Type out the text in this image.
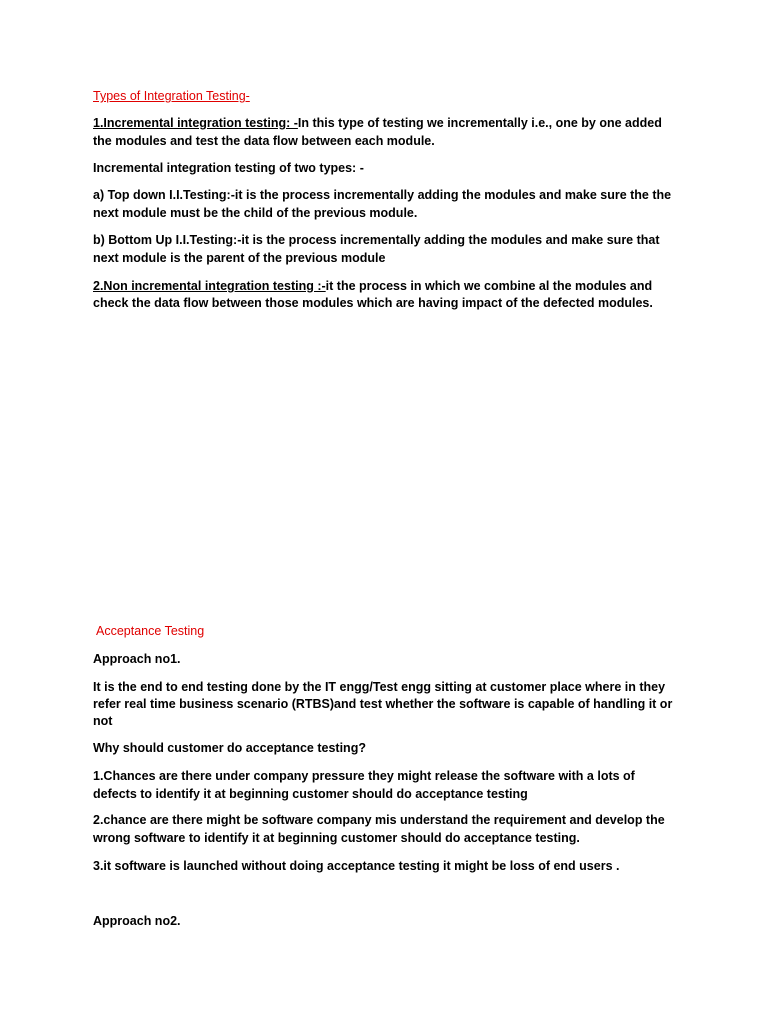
Types of Integration Testing-
1.Incremental integration testing: -In this type of testing we incrementally i.e., one by one added
the modules and test the data flow between each module.
Incremental integration testing of two types: -
a) Top down I.I.Testing:-it is the process incrementally adding the modules and make sure the the
next module must be the child of the previous module.
b) Bottom Up I.I.Testing:-it is the process incrementally adding the modules and make sure that
next module is the parent of the previous module
2.Non incremental integration testing :-it the process in which we combine al the modules and
check the data flow between those modules which are having impact of the defected modules.
Acceptance Testing
Approach no1.
It is the end to end testing done by the IT engg/Test engg sitting at customer place where in they
refer real time business scenario (RTBS)and test whether the software is capable of handling it or
not
Why should customer do acceptance testing?
1.Chances are there under company pressure they might release the software with a lots of
defects to identify it at beginning customer should do acceptance testing
2.chance are there might be software company mis understand the requirement and develop the
wrong software to identify it at beginning customer should do acceptance testing.
3.it software is launched without doing acceptance testing it might be loss of end users .
Approach no2.
